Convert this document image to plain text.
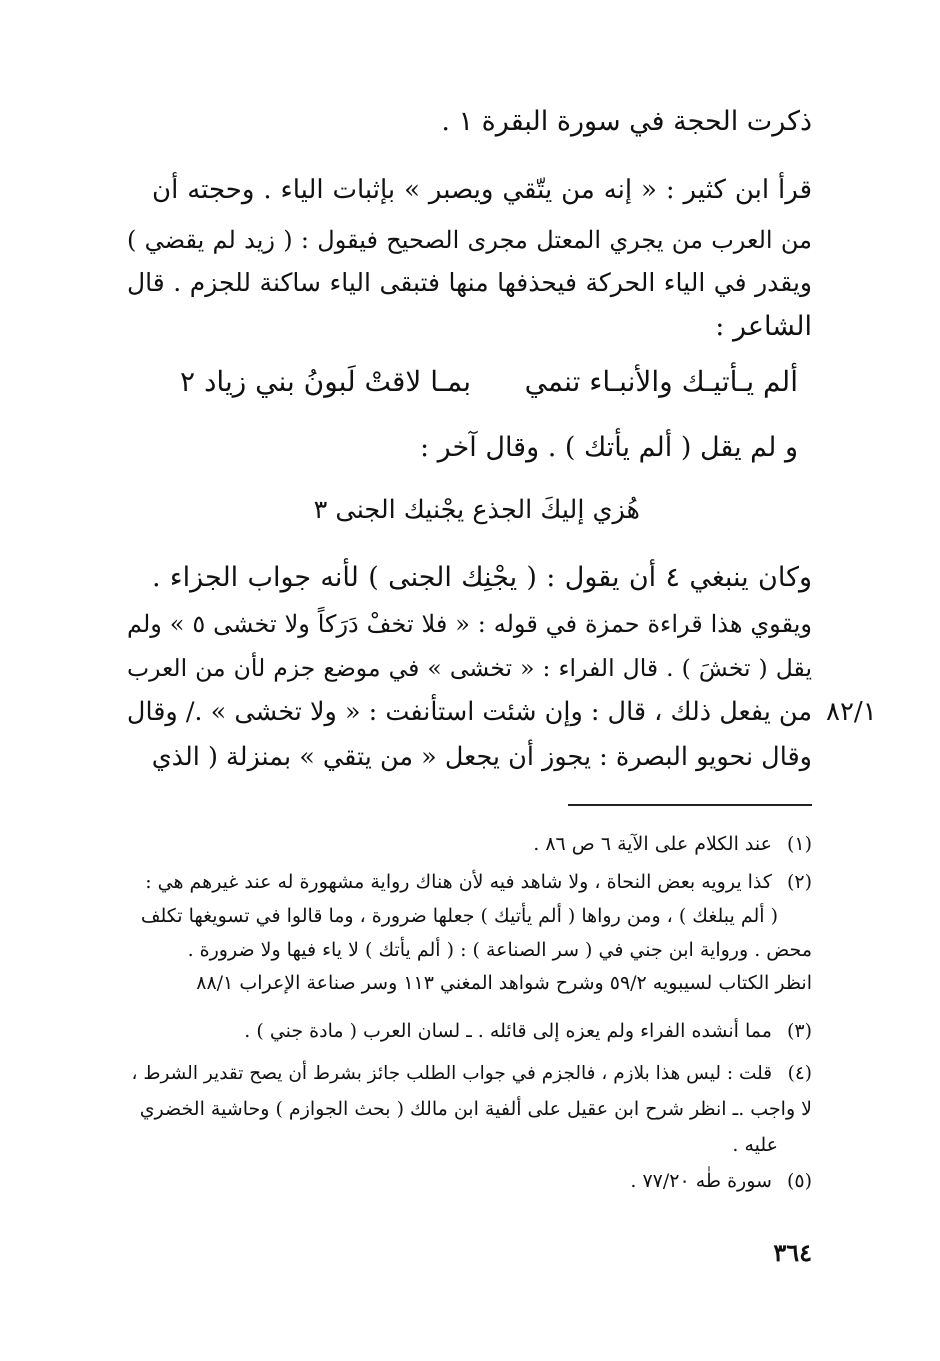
ذكرت الحجة في سورة البقرة ١ .
قرأ ابن كثير : « إنه من يتّقي ويصبر » بإثبات الياء . وحجته أن
من العرب من يجري المعتل مجرى الصحيح فيقول : ( زيد لم يقضي )
ويقدر في الياء الحركة فيحذفها منها فتبقى الياء ساكنة للجزم . قال
الشاعر :
ألم يـأتيـك والأنبـاء تنمي
بمـا لاقتْ لَبونُ بني زياد ٢
و لم يقل ( ألم يأتك ) . وقال آخر :
هُزي إليكَ الجذع يجْنيك الجنى ٣
وكان ينبغي ٤ أن يقول : ( يجْنِك الجنى ) لأنه جواب الجزاء .
ويقوي هذا قراءة حمزة في قوله : « فلا تخفْ دَرَكاً ولا تخشى ٥ » ولم
يقل ( تخشَ ) . قال الفراء : « تخشى » في موضع جزم لأن من العرب
من يفعل ذلك ، قال : وإن شئت استأنفت : « ولا تخشى » ./ وقال
وقال نحويو البصرة : يجوز أن يجعل « من يتقي » بمنزلة ( الذي
٨٢/١
(١) عند الكلام على الآية ٦ ص ٨٦ .
(٢) كذا يرويه بعض النحاة ، ولا شاهد فيه لأن هناك رواية مشهورة له عند غيرهم هي :
( ألم يبلغك ) ، ومن رواها ( ألم يأتيك ) جعلها ضرورة ، وما قالوا في تسويغها تكلف
محض . ورواية ابن جني في ( سر الصناعة ) : ( ألم يأتك ) لا ياء فيها ولا ضرورة .
انظر الكتاب لسيبويه ٥٩/٢ وشرح شواهد المغني ١١٣ وسر صناعة الإعراب ٨٨/١
(٣) مما أنشده الفراء ولم يعزه إلى قائله . ـ لسان العرب ( مادة جني ) .
(٤) قلت : ليس هذا بلازم ، فالجزم في جواب الطلب جائز بشرط أن يصح تقدير الشرط ،
لا واجب .ـ انظر شرح ابن عقيل على ألفية ابن مالك ( بحث الجوازم ) وحاشية الخضري
عليه .
(٥) سورة طٰه ٧٧/٢٠ .
٣٦٤
